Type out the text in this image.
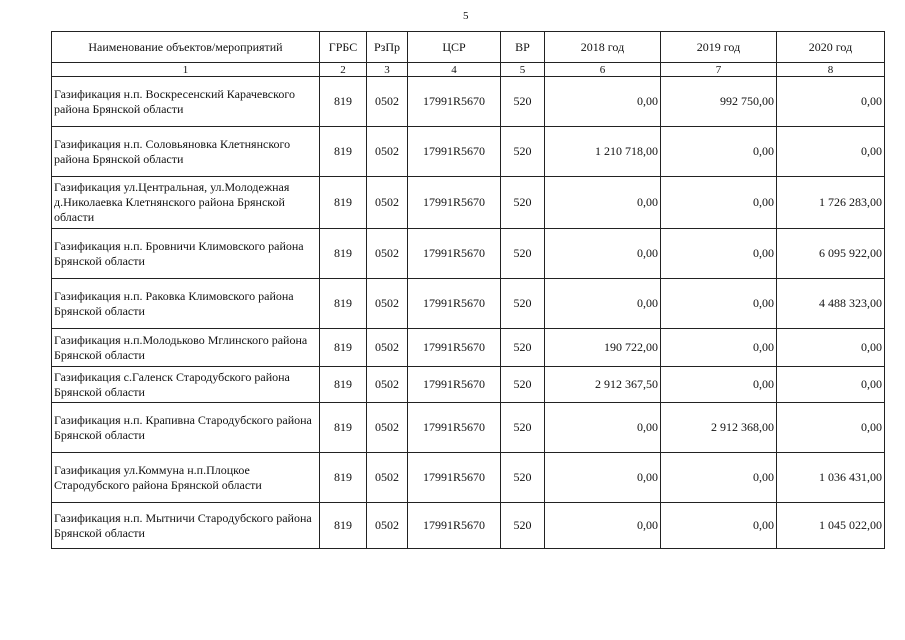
5
Наименование объектов/мероприятий	ГРБС	РзПр	ЦСР	ВР	2018 год	2019 год	2020 год
1	2	3	4	5	6	7	8
Газификация н.п. Воскресенский Карачевского района Брянской области	819	0502	17991R5670	520	0,00	992 750,00	0,00
Газификация н.п. Соловьяновка Клетнянского района Брянской области	819	0502	17991R5670	520	1 210 718,00	0,00	0,00
Газификация ул.Центральная, ул.Молодежная д.Николаевка Клетнянского района Брянской области	819	0502	17991R5670	520	0,00	0,00	1 726 283,00
Газификация н.п. Бровничи Климовского района Брянской области	819	0502	17991R5670	520	0,00	0,00	6 095 922,00
Газификация н.п. Раковка Климовского района Брянской области	819	0502	17991R5670	520	0,00	0,00	4 488 323,00
Газификация н.п.Молодьково Мглинского района Брянской области	819	0502	17991R5670	520	190 722,00	0,00	0,00
Газификация с.Галенск Стародубского района Брянской области	819	0502	17991R5670	520	2 912 367,50	0,00	0,00
Газификация н.п. Крапивна Стародубского района Брянской области	819	0502	17991R5670	520	0,00	2 912 368,00	0,00
Газификация ул.Коммуна н.п.Плоцкое Стародубского района Брянской области	819	0502	17991R5670	520	0,00	0,00	1 036 431,00
Газификация н.п. Мытничи Стародубского района Брянской области	819	0502	17991R5670	520	0,00	0,00	1 045 022,00
